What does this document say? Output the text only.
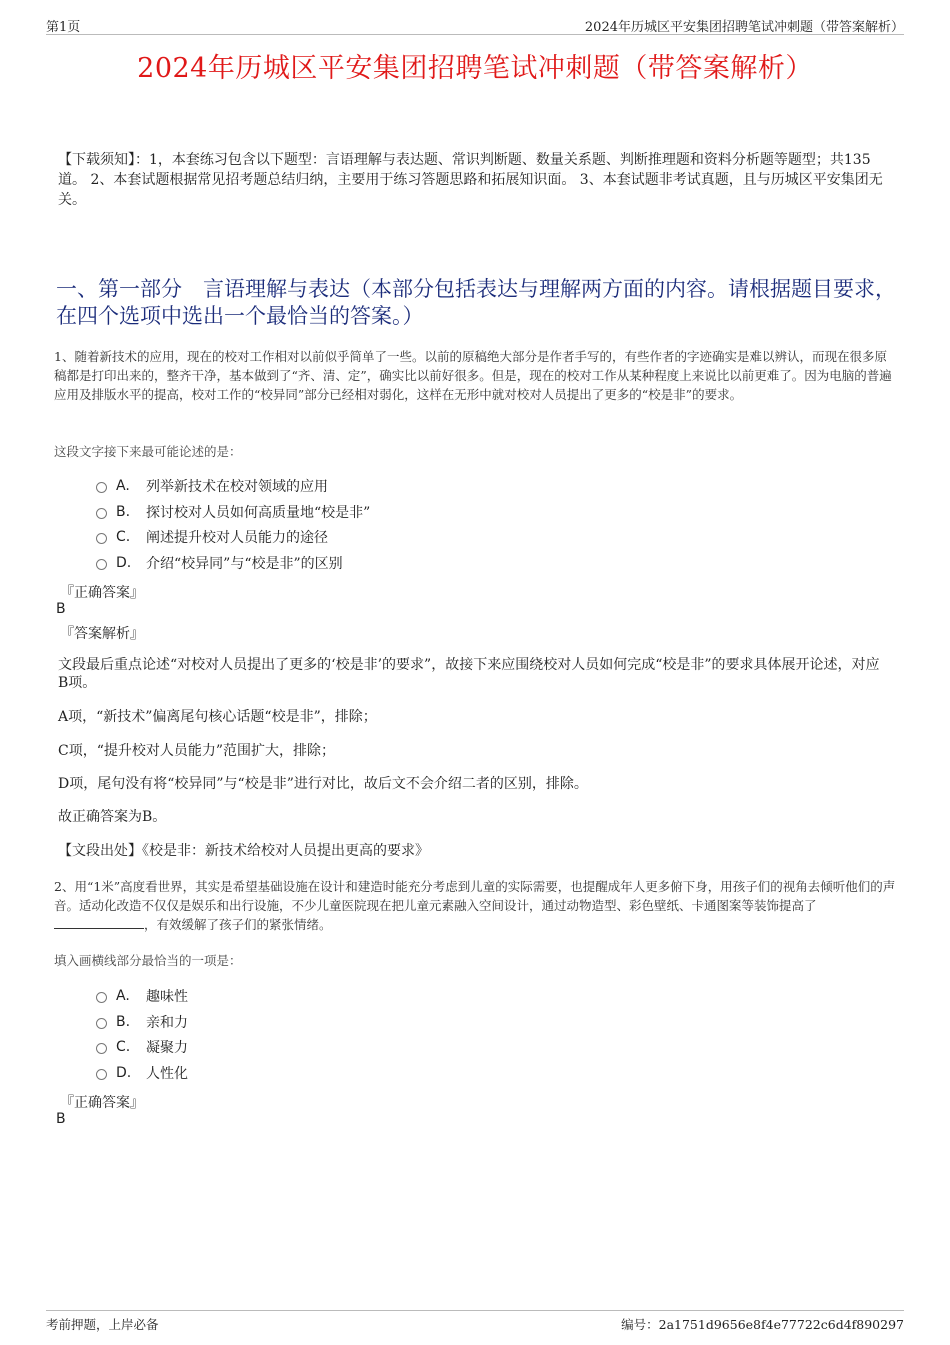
第1页	2024年历城区平安集团招聘笔试冲刺题（带答案解析）
2024年历城区平安集团招聘笔试冲刺题（带答案解析）
【下载须知】：1，本套练习包含以下题型：言语理解与表达题、常识判断题、数量关系题、判断推理题和资料分析题等题型；共135道。 2、本套试题根据常见招考题总结归纳，主要用于练习答题思路和拓展知识面。 3、本套试题非考试真题，且与历城区平安集团无关。
一、第一部分　言语理解与表达（本部分包括表达与理解两方面的内容。请根据题目要求，在四个选项中选出一个最恰当的答案。）
1、随着新技术的应用，现在的校对工作相对以前似乎简单了一些。以前的原稿绝大部分是作者手写的，有些作者的字迹确实是难以辨认，而现在很多原稿都是打印出来的，整齐干净，基本做到了“齐、清、定”，确实比以前好很多。但是，现在的校对工作从某种程度上来说比以前更难了。因为电脑的普遍应用及排版水平的提高，校对工作的“校异同”部分已经相对弱化，这样在无形中就对校对人员提出了更多的“校是非”的要求。
这段文字接下来最可能论述的是：
A.	列举新技术在校对领域的应用
B.	探讨校对人员如何高质量地“校是非”
C.	阐述提升校对人员能力的途径
D.	介绍“校异同”与“校是非”的区别
『正确答案』
B
『答案解析』
文段最后重点论述“对校对人员提出了更多的‘校是非’的要求”，故接下来应围绕校对人员如何完成“校是非”的要求具体展开论述，对应B项。
A项，“新技术”偏离尾句核心话题“校是非”，排除；
C项，“提升校对人员能力”范围扩大，排除；
D项，尾句没有将“校异同”与“校是非”进行对比，故后文不会介绍二者的区别，排除。
故正确答案为B。
【文段出处】《校是非：新技术给校对人员提出更高的要求》
2、用“1米”高度看世界，其实是希望基础设施在设计和建造时能充分考虑到儿童的实际需要，也提醒成年人更多俯下身，用孩子们的视角去倾听他们的声音。适动化改造不仅仅是娱乐和出行设施，不少儿童医院现在把儿童元素融入空间设计，通过动物造型、彩色壁纸、卡通图案等装饰提高了，有效缓解了孩子们的紧张情绪。
填入画横线部分最恰当的一项是：
A.	趣味性
B.	亲和力
C.	凝聚力
D.	人性化
『正确答案』
B
考前押题，上岸必备	编号：2a1751d9656e8f4e77722c6d4f890297
